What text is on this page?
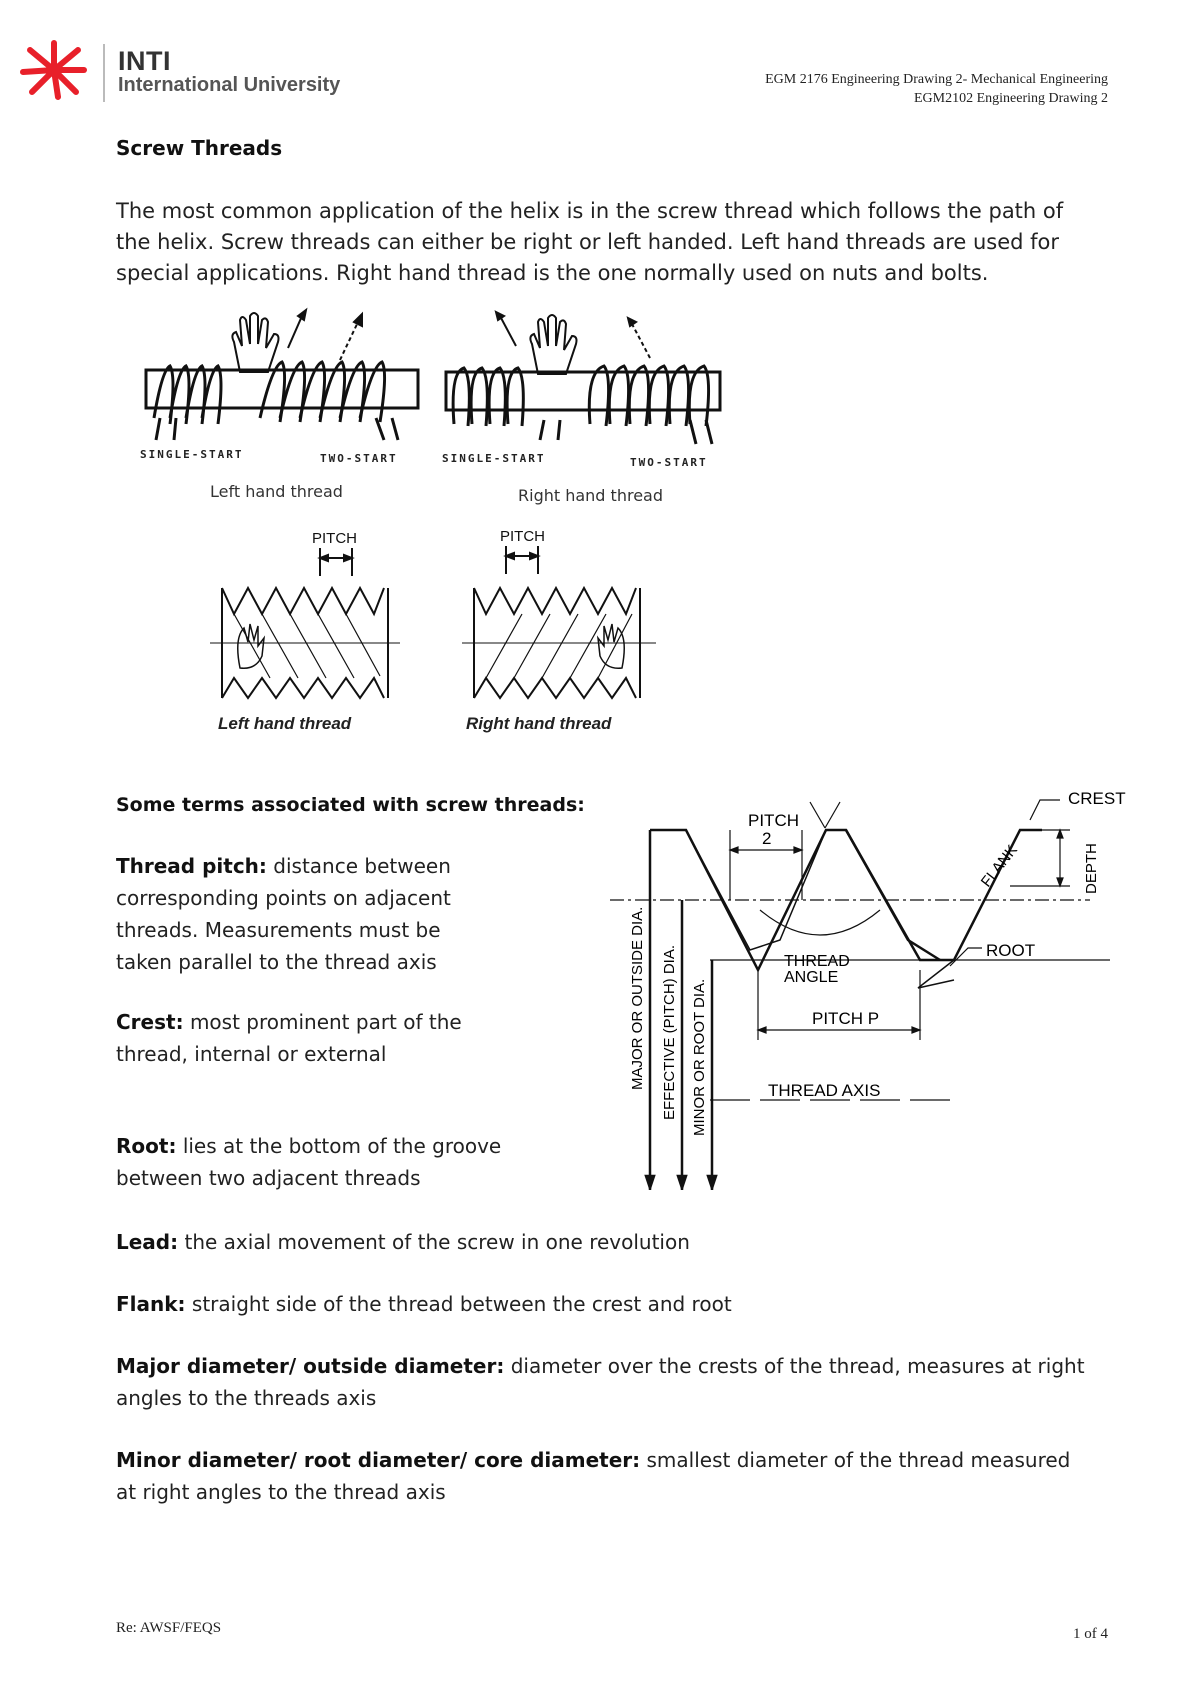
INTI
International University	EGM 2176 Engineering Drawing 2- Mechanical Engineering
EGM2102 Engineering Drawing 2
Screw Threads
The most common application of the helix is in the screw thread which follows the path of the helix. Screw threads can either be right or left handed. Left hand threads are used for special applications. Right hand thread is the one normally used on nuts and bolts.
SINGLE-START	TWO-START
Left hand thread
SINGLE-START	TWO-START
Right hand thread
PITCH
Left hand thread
PITCH
Right hand thread
Some terms associated with screw threads:
Thread pitch: distance between corresponding points on adjacent threads. Measurements must be taken parallel to the thread axis
Crest: most prominent part of the thread, internal or external
Root: lies at the bottom of the groove between two adjacent threads
Lead: the axial movement of the screw in one revolution
Flank: straight side of the thread between the crest and root
Major diameter/ outside diameter: diameter over the crests of the thread, measures at right angles to the threads axis
Minor diameter/ root diameter/ core diameter: smallest diameter of the thread measured at right angles to the thread axis
PITCH
2
CREST
FLANK	DEPTH
ROOT
THREAD
ANGLE
PITCH P
THREAD AXIS
MAJOR OR OUTSIDE DIA. EFFECTIVE (PITCH) DIA. MINOR OR ROOT DIA.
Re: AWSF/FEQS	1 of 4
